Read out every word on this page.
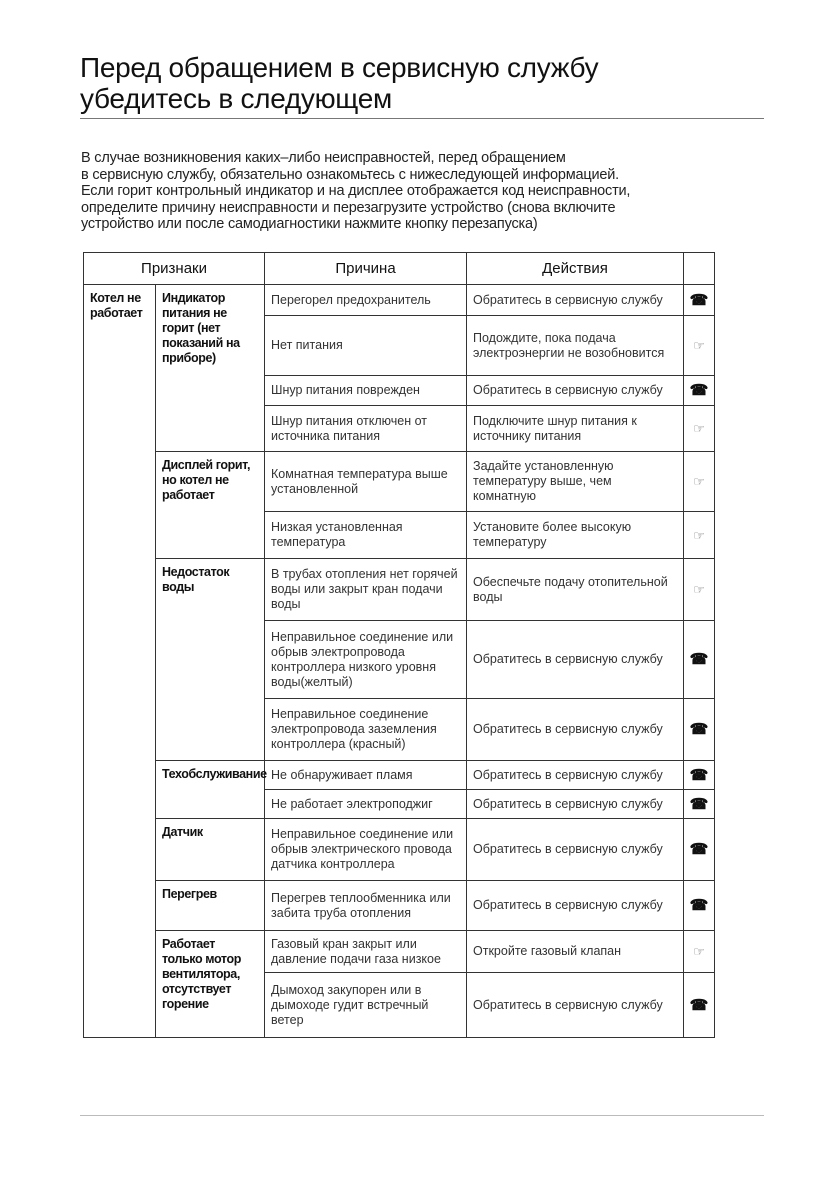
Перед обращением в сервисную службу
убедитесь в следующем
В случае возникновения каких–либо неисправностей, перед обращением
в сервисную службу, обязательно ознакомьтесь с нижеследующей информацией.
Если горит контрольный индикатор и на дисплее отображается код неисправности,
определите причину неисправности и перезагрузите устройство (снова включите
устройство или после самодиагностики нажмите кнопку перезапуска)
Признаки		Причина	Действия	
Котел не работает	Индикатор питания не горит (нет показаний на приборе)	Перегорел предохранитель	Обратитесь в сервисную службу	☎
		Нет питания	Подождите, пока подача электроэнергии не возобновится	☞
		Шнур питания поврежден	Обратитесь в сервисную службу	☎
		Шнур питания отключен от источника питания	Подключите шнур питания к источнику питания	☞
	Дисплей горит, но котел не работает	Комнатная температура выше установленной	Задайте установленную температуру выше, чем комнатную	☞
		Низкая установленная температура	Установите более высокую температуру	☞
	Недостаток воды	В трубах отопления нет горячей воды или закрыт кран подачи воды	Обеспечьте подачу отопительной воды	☞
		Неправильное соединение или обрыв электропровода контроллера низкого уровня воды(желтый)	Обратитесь в сервисную службу	☎
		Неправильное соединение электропровода заземления контроллера (красный)	Обратитесь в сервисную службу	☎
	Техобслуживание	Не обнаруживает пламя	Обратитесь в сервисную службу	☎
		Не работает электроподжиг	Обратитесь в сервисную службу	☎
	Датчик	Неправильное соединение или обрыв электрического провода датчика контроллера	Обратитесь в сервисную службу	☎
	Перегрев	Перегрев теплообменника или забита труба отопления	Обратитесь в сервисную службу	☎
	Работает только мотор вентилятора, отсутствует горение	Газовый кран закрыт или давление подачи газа низкое	Откройте газовый клапан	☞
		Дымоход закупорен или в дымоходе гудит встречный ветер	Обратитесь в сервисную службу	☎
